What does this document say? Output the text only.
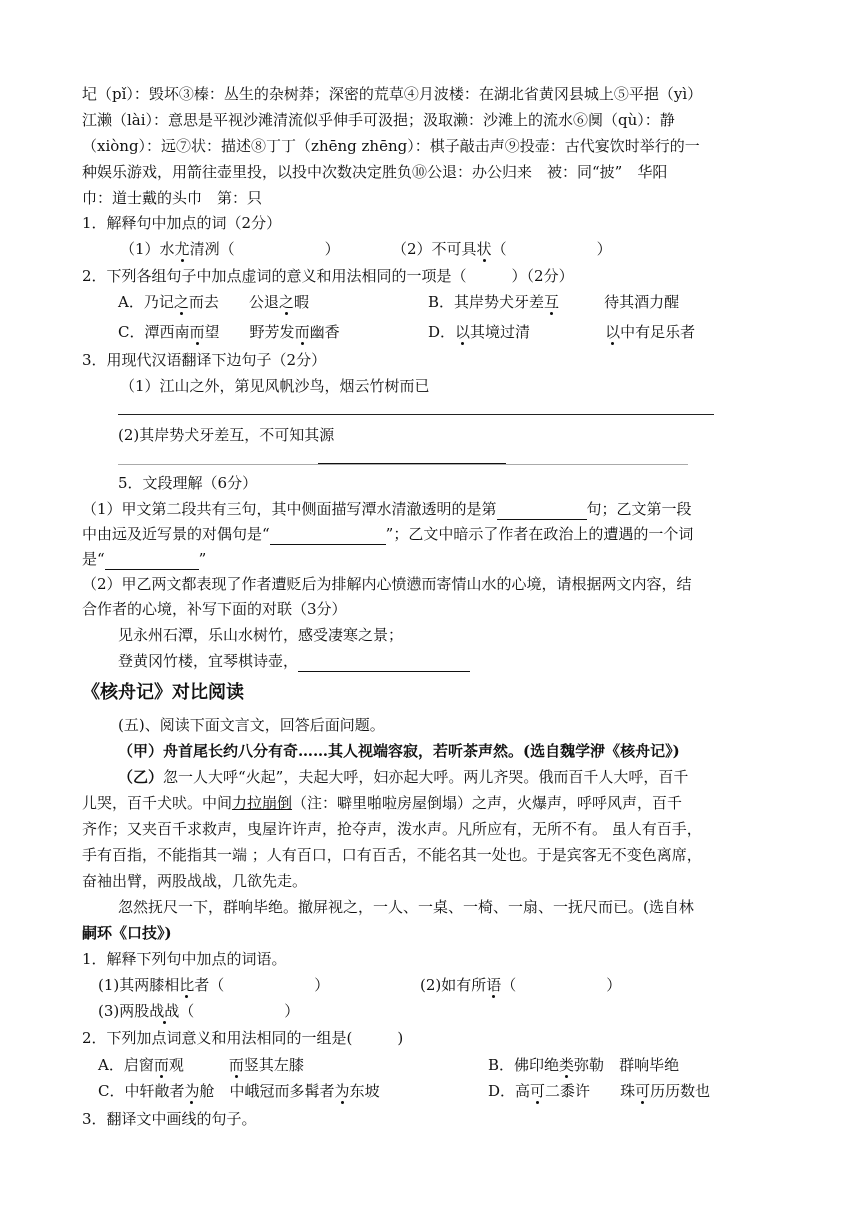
圮（pǐ）：毁坏③榛：丛生的杂树莽；深密的荒草④月波楼：在湖北省黄冈县城上⑤平挹（yì）
江濑（lài）：意思是平视沙滩清流似乎伸手可汲挹；汲取濑：沙滩上的流水⑥阒（qù）：静
（xiòng）：远⑦状：描述⑧丁丁（zhēng zhēng）：棋子敲击声⑨投壶：古代宴饮时举行的一
种娱乐游戏，用箭往壶里投，以投中次数决定胜负⑩公退：办公归来　被：同“披”　华阳
巾：道士戴的头巾　第：只
1．解释句中加点的词（2分）
（1）水尤清冽（　　　　　　）	（2）不可具状（　　　　　　）
2．下列各组句子中加点虚词的意义和用法相同的一项是（　　　）（2分）
A．乃记之而去　　 公退之暇	B．其岸势犬牙差互　　　	待其酒力醒
C．潭西南而望　　 野芳发而幽香	D．以其境过清　　　　　	以中有足乐者
3．用现代汉语翻译下边句子（2分）
（1）江山之外，第见风帆沙鸟，烟云竹树而已
(2)其岸势犬牙差互，不可知其源
5．文段理解（6分）
（1）甲文第二段共有三句，其中侧面描写潭水清澈透明的是第	句；乙文第一段
中由远及近写景的对偶句是“	”；乙文中暗示了作者在政治上的遭遇的一个词
是“	”
（2）甲乙两文都表现了作者遭贬后为排解内心愤懑而寄情山水的心境，请根据两文内容，结
合作者的心境，补写下面的对联（3分）
见永州石潭，乐山水树竹，感受凄寒之景；
登黄冈竹楼，宜琴棋诗壶，
《核舟记》对比阅读
(五)、阅读下面文言文，回答后面问题。
（甲）舟首尾长约八分有奇……其人视端容寂，若听茶声然。(选自魏学洢《核舟记》)
（乙）忽一人大呼“火起”，夫起大呼，妇亦起大呼。两儿齐哭。俄而百千人大呼，百千
儿哭，百千犬吠。中间力拉崩倒（注：噼里啪啦房屋倒塌）之声，火爆声，呼呼风声，百千
齐作；又夹百千求救声，曳屋许许声，抢夺声，泼水声。凡所应有，无所不有。 虽人有百手，
手有百指，不能指其一端 ；人有百口，口有百舌，不能名其一处也。于是宾客无不变色离席，
奋袖出臂，两股战战，几欲先走。
忽然抚尺一下，群响毕绝。撤屏视之，一人、一桌、一椅、一扇、一抚尺而已。(选自林
嗣环《口技》)
1．解释下列句中加点的词语。
(1)其两膝相比者（　　　　　　）	(2)如有所语（　　　　　　）
(3)两股战战（　　　　　　）
2．下列加点词意义和用法相同的一组是(　　　)
A．启窗而观　　　	而竖其左膝	B．佛印绝类弥勒　 群响毕绝
C．中轩敞者为舱　 中峨冠而多髯者为东坡	D．高可二黍许　　 珠可历历数也
3．翻译文中画线的句子。
